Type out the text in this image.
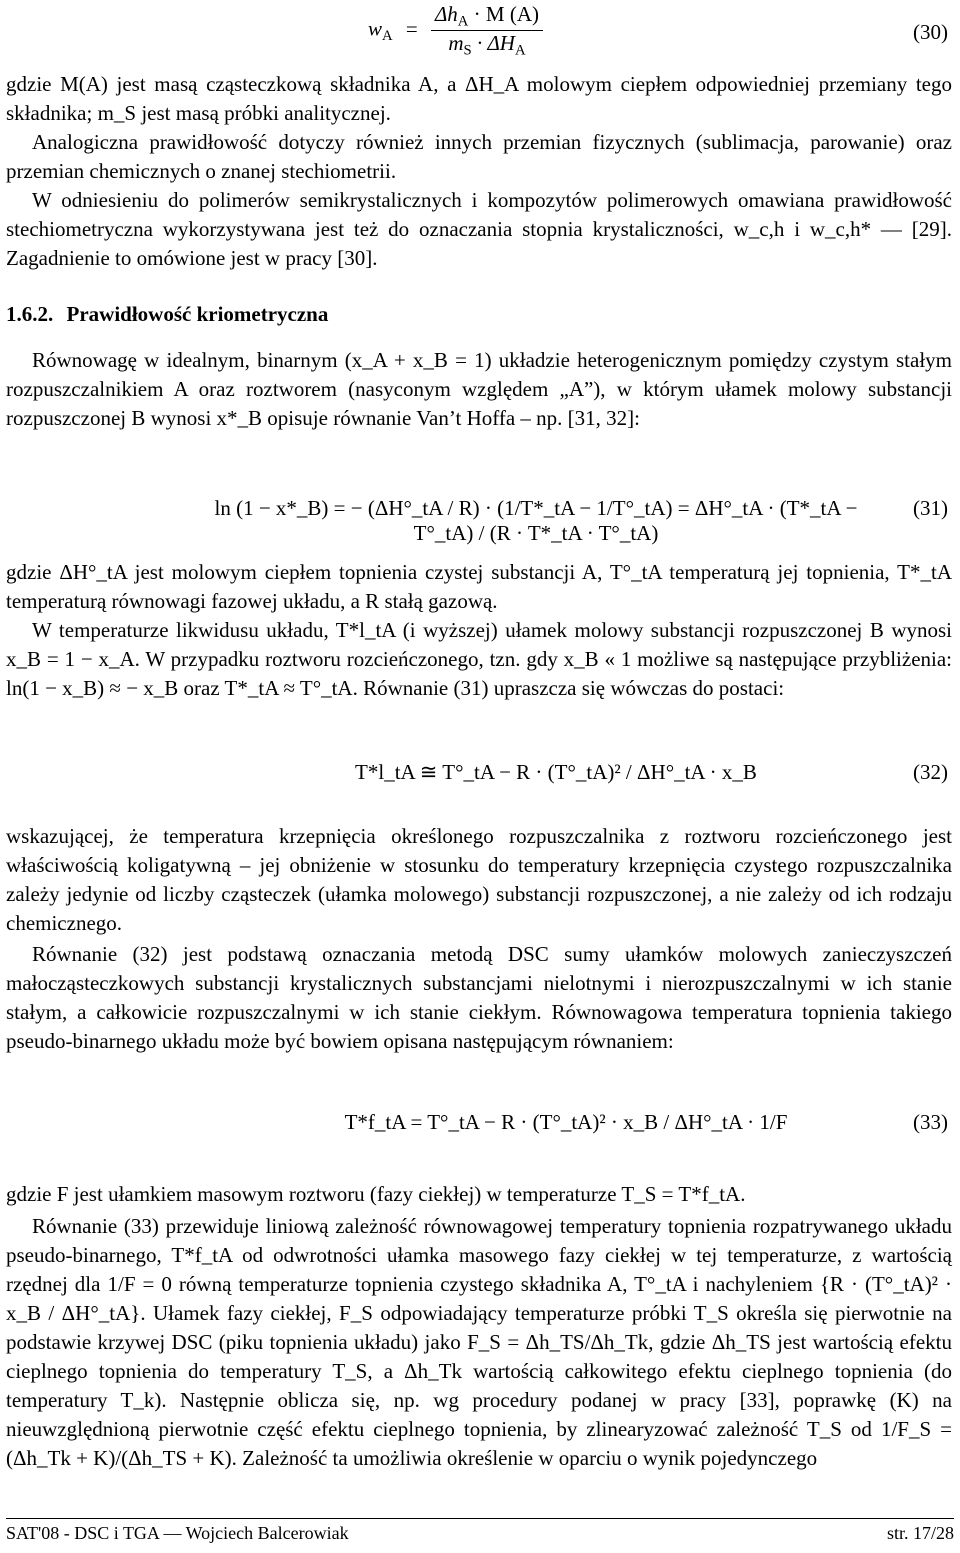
$w_A = \frac{\Delta h_A \cdot M (A)}{m_S \cdot \Delta H_A}$	(30)
gdzie M(A) jest masą cząsteczkową składnika A, a ΔH_A molowym ciepłem odpowiedniej przemiany tego składnika; m_S jest masą próbki analitycznej.
Analogiczna prawidłowość dotyczy również innych przemian fizycznych (sublimacja, parowanie) oraz przemian chemicznych o znanej stechiometrii.
W odniesieniu do polimerów semikrystalicznych i kompozytów polimerowych omawiana prawidłowość stechiometryczna wykorzystywana jest też do oznaczania stopnia krystaliczności, w_c,h i w_c,h* — [29]. Zagadnienie to omówione jest w pracy [30].
1.6.2. Prawidłowość kriometryczna
Równowagę w idealnym, binarnym (x_A + x_B = 1) układzie heterogenicznym pomiędzy czystym stałym rozpuszczalnikiem A oraz roztworem (nasyconym względem „A”), w którym ułamek molowy substancji rozpuszczonej B wynosi x*_B opisuje równanie Van’t Hoffa – np. [31, 32]:
ln (1 − x*_B) = − (ΔH°_tA / R) · (1/T*_tA − 1/T°_tA) = ΔH°_tA · (T*_tA − T°_tA) / (R · T*_tA · T°_tA)
(31)
gdzie ΔH°_tA jest molowym ciepłem topnienia czystej substancji A, T°_tA temperaturą jej topnienia, T*_tA temperaturą równowagi fazowej układu, a R stałą gazową.
W temperaturze likwidusu układu, T*l_tA (i wyższej) ułamek molowy substancji rozpuszczonej B wynosi x_B = 1 − x_A. W przypadku roztworu rozcieńczonego, tzn. gdy x_B « 1 możliwe są następujące przybliżenia: ln(1 − x_B) ≈ − x_B oraz T*_tA ≈ T°_tA. Równanie (31) upraszcza się wówczas do postaci:
T*l_tA ≅ T°_tA − R · (T°_tA)² / ΔH°_tA · x_B	(32)
wskazującej, że temperatura krzepnięcia określonego rozpuszczalnika z roztworu rozcieńczonego jest właściwością koligatywną – jej obniżenie w stosunku do temperatury krzepnięcia czystego rozpuszczalnika zależy jedynie od liczby cząsteczek (ułamka molowego) substancji rozpuszczonej, a nie zależy od ich rodzaju chemicznego.
Równanie (32) jest podstawą oznaczania metodą DSC sumy ułamków molowych zanieczyszczeń małocząsteczkowych substancji krystalicznych substancjami nielotnymi i nierozpuszczalnymi w ich stanie stałym, a całkowicie rozpuszczalnymi w ich stanie ciekłym. Równowagowa temperatura topnienia takiego pseudo-binarnego układu może być bowiem opisana następującym równaniem:
T*f_tA = T°_tA − R · (T°_tA)² · x_B / ΔH°_tA · 1/F	(33)
gdzie F jest ułamkiem masowym roztworu (fazy ciekłej) w temperaturze T_S = T*f_tA.
Równanie (33) przewiduje liniową zależność równowagowej temperatury topnienia rozpatrywanego układu pseudo-binarnego, T*f_tA od odwrotności ułamka masowego fazy ciekłej w tej temperaturze, z wartością rzędnej dla 1/F = 0 równą temperaturze topnienia czystego składnika A, T°_tA i nachyleniem {R · (T°_tA)² · x_B / ΔH°_tA}. Ułamek fazy ciekłej, F_S odpowiadający temperaturze próbki T_S określa się pierwotnie na podstawie krzywej DSC (piku topnienia układu) jako F_S = Δh_TS/Δh_Tk, gdzie Δh_TS jest wartością efektu cieplnego topnienia do temperatury T_S, a Δh_Tk wartością całkowitego efektu cieplnego topnienia (do temperatury T_k). Następnie oblicza się, np. wg procedury podanej w pracy [33], poprawkę (K) na nieuwzględnioną pierwotnie część efektu cieplnego topnienia, by zlinearyzować zależność T_S od 1/F_S = (Δh_Tk + K)/(Δh_TS + K). Zależność ta umożliwia określenie w oparciu o wynik pojedynczego
SAT'08 - DSC i TGA — Wojciech Balcerowiak	str. 17/28
